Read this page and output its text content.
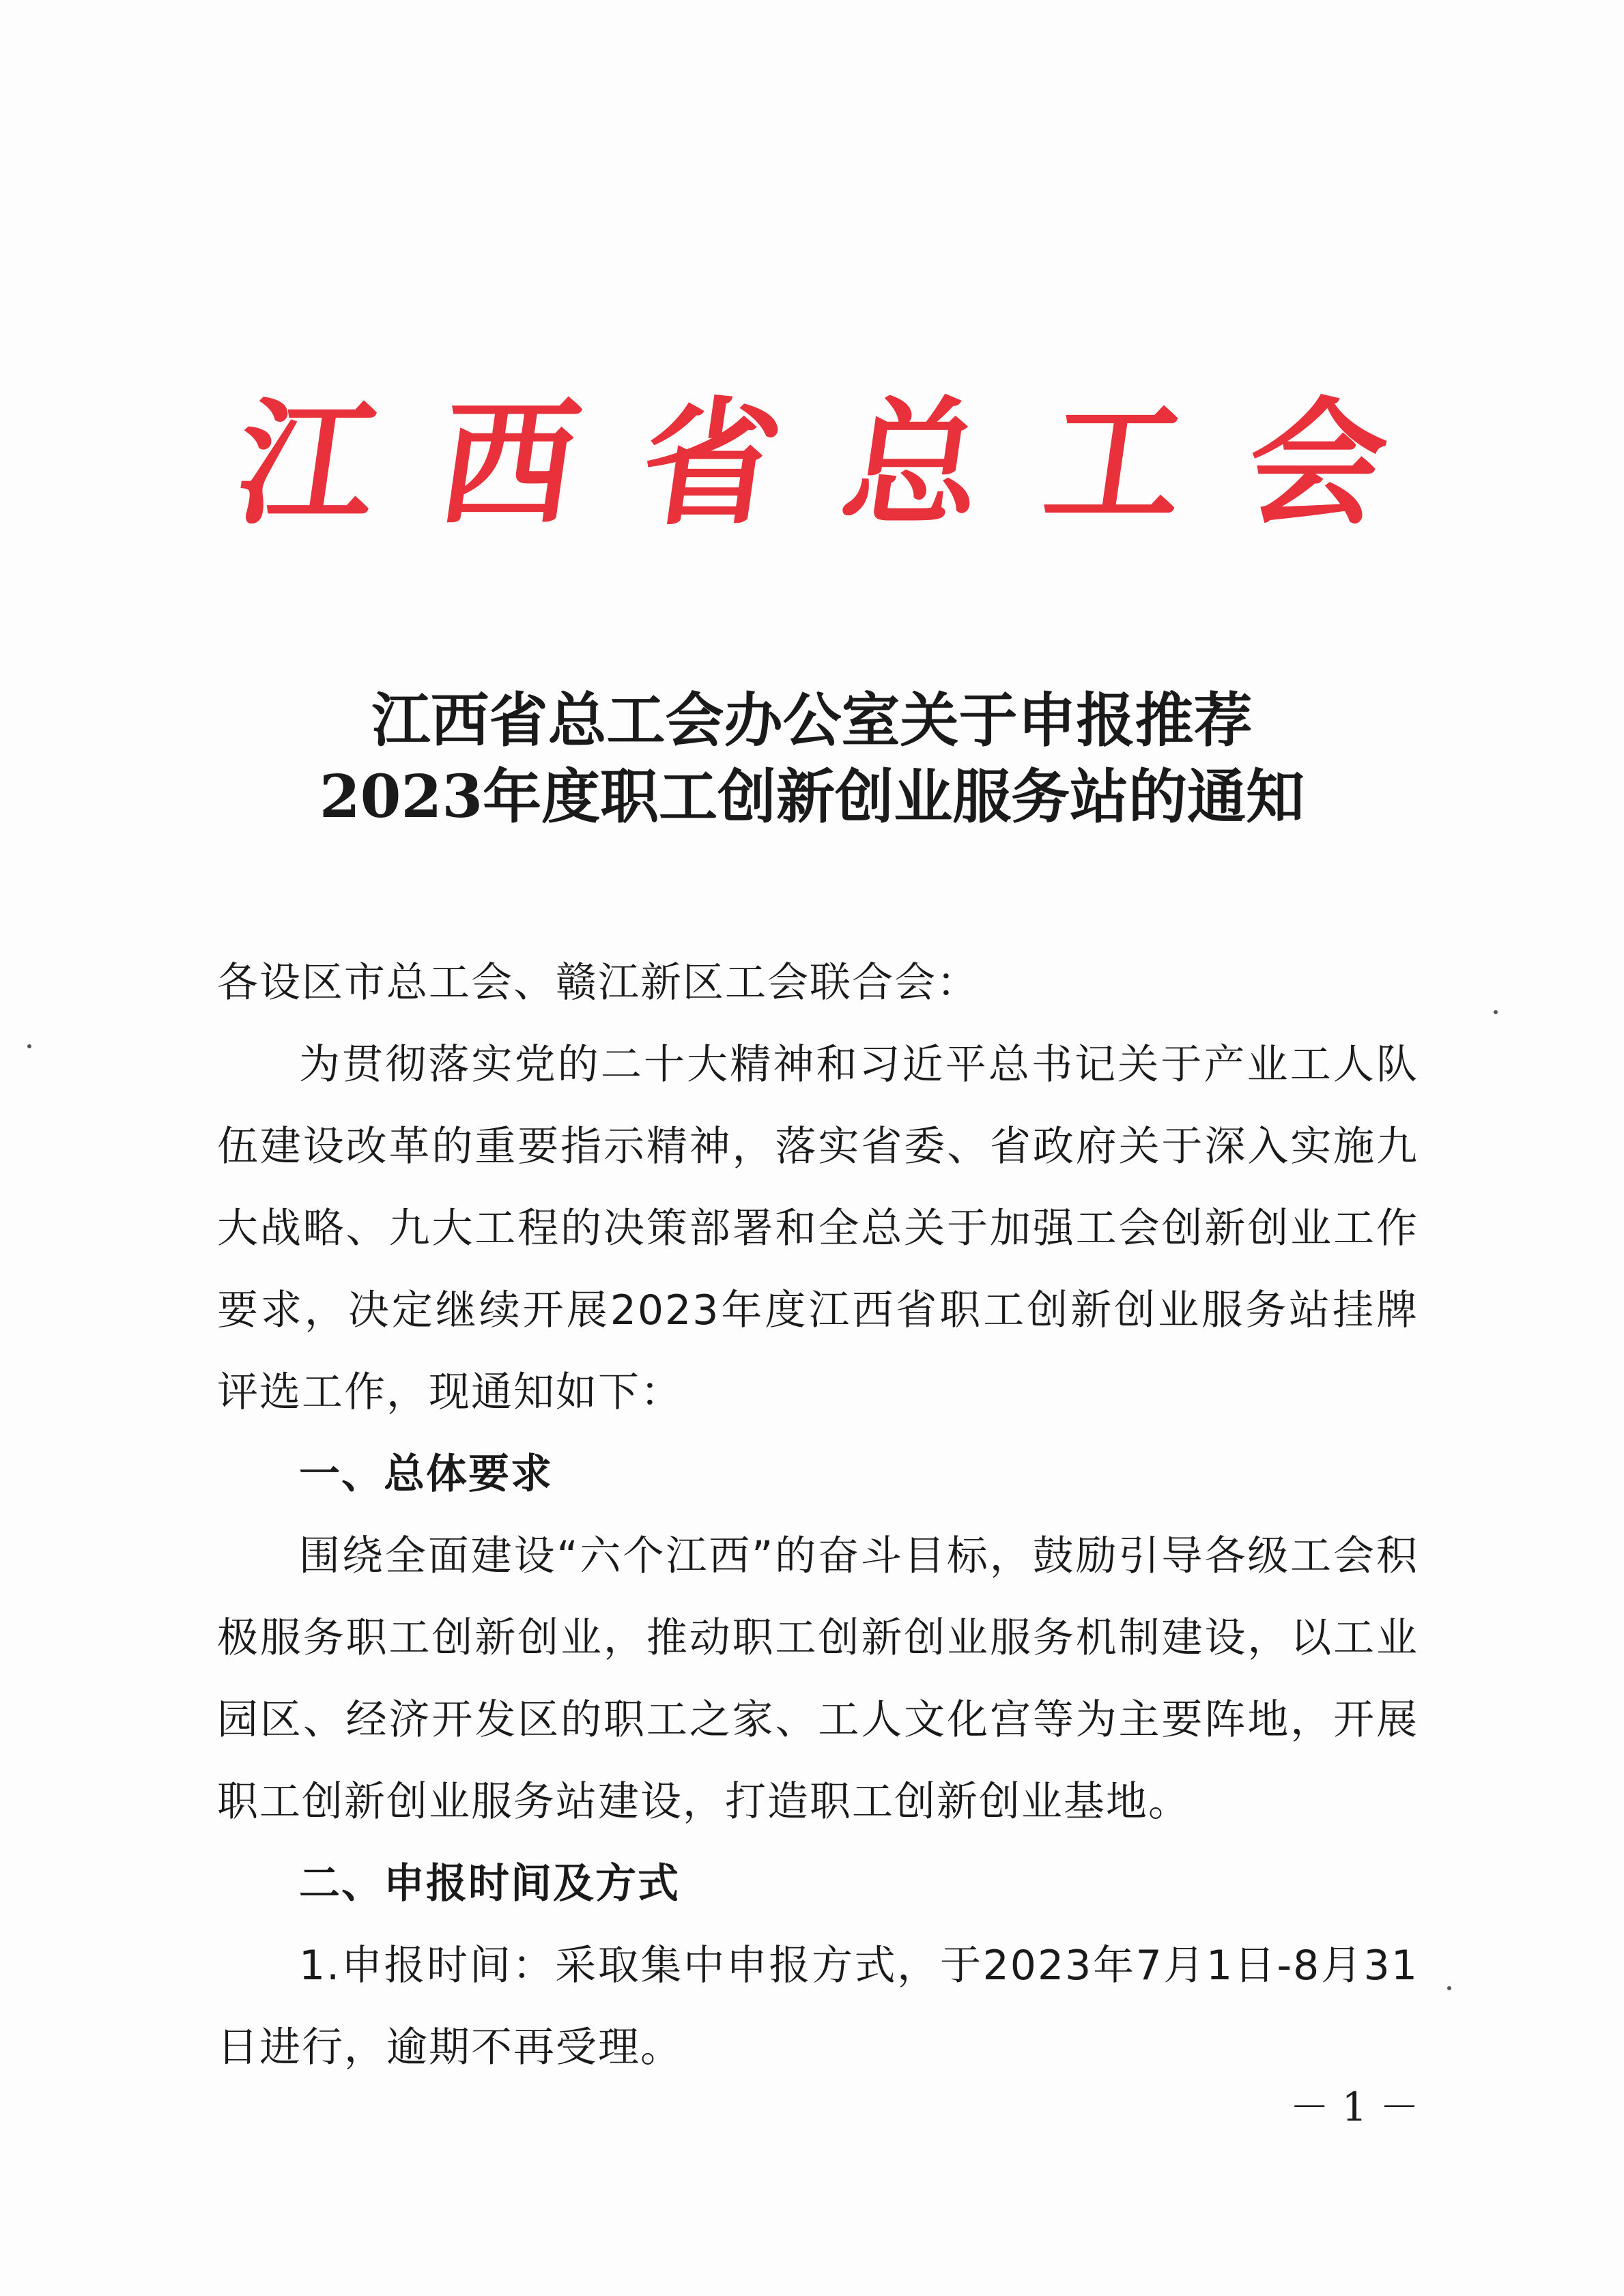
江西省总工会
江西省总工会办公室关于申报推荐
2023年度职工创新创业服务站的通知

各设区市总工会、赣江新区工会联合会：

为贯彻落实党的二十大精神和习近平总书记关于产业工人队伍建设改革的重要指示精神，落实省委、省政府关于深入实施九大战略、九大工程的决策部署和全总关于加强工会创新创业工作要求，决定继续开展2023年度江西省职工创新创业服务站挂牌评选工作，现通知如下：

一、总体要求

围绕全面建设“六个江西”的奋斗目标，鼓励引导各级工会积极服务职工创新创业，推动职工创新创业服务机制建设，以工业园区、经济开发区的职工之家、工人文化宫等为主要阵地，开展职工创新创业服务站建设，打造职工创新创业基地。

二、申报时间及方式

1.申报时间：采取集中申报方式，于2023年7月1日-8月31日进行，逾期不再受理。

－ 1 －
